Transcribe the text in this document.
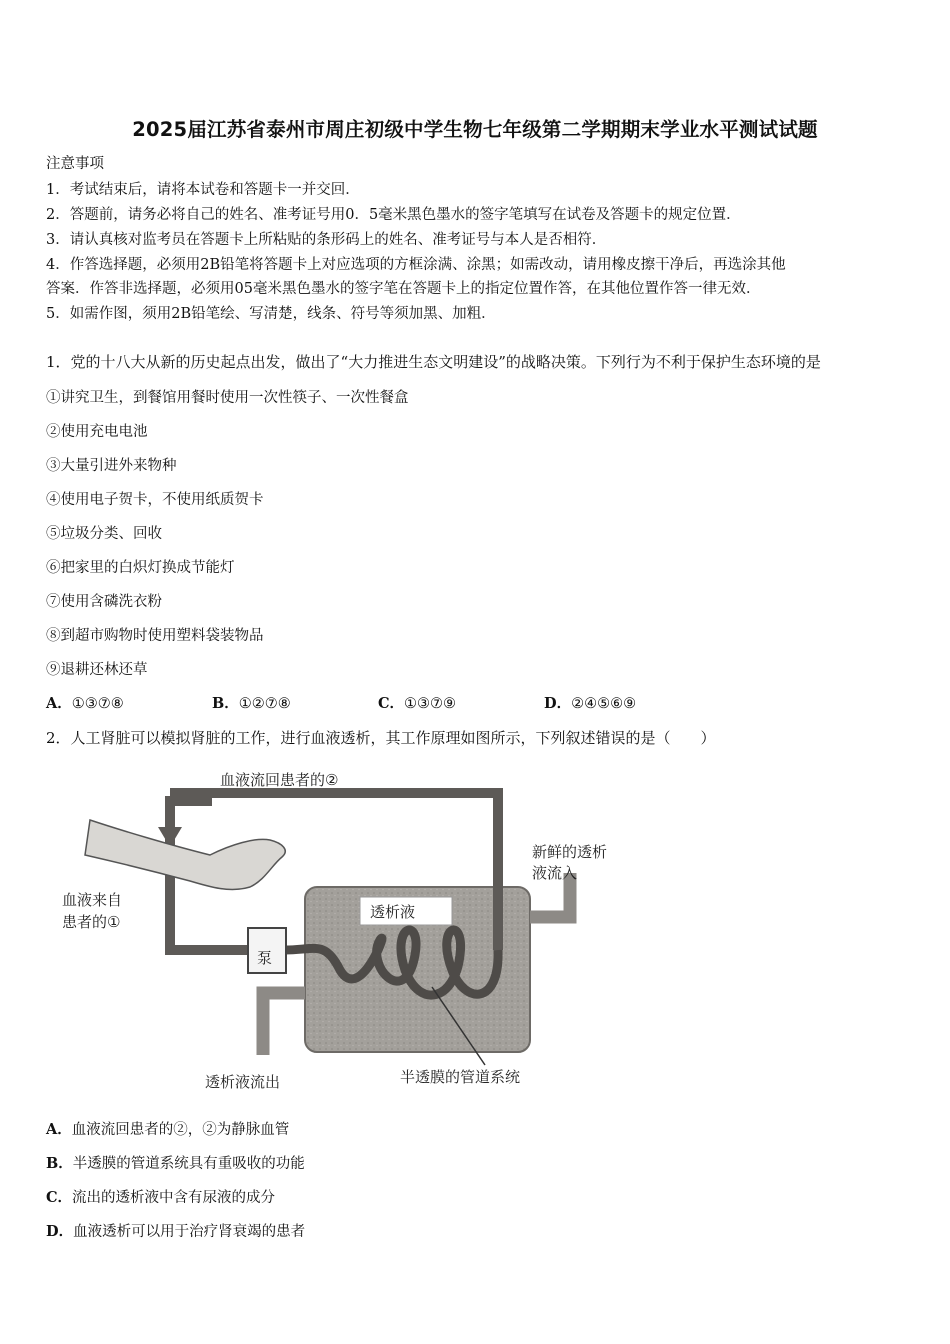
2025届江苏省泰州市周庄初级中学生物七年级第二学期期末学业水平测试试题
注意事项
1．考试结束后，请将本试卷和答题卡一并交回．
2．答题前，请务必将自己的姓名、准考证号用0．5毫米黑色墨水的签字笔填写在试卷及答题卡的规定位置．
3．请认真核对监考员在答题卡上所粘贴的条形码上的姓名、准考证号与本人是否相符．
4．作答选择题，必须用2B铅笔将答题卡上对应选项的方框涂满、涂黑；如需改动，请用橡皮擦干净后，再选涂其他
答案．作答非选择题，必须用05毫米黑色墨水的签字笔在答题卡上的指定位置作答，在其他位置作答一律无效．
5．如需作图，须用2B铅笔绘、写清楚，线条、符号等须加黑、加粗．
1．党的十八大从新的历史起点出发，做出了“大力推进生态文明建设”的战略决策。下列行为不利于保护生态环境的是
①讲究卫生，到餐馆用餐时使用一次性筷子、一次性餐盒
②使用充电电池
③大量引进外来物种
④使用电子贺卡，不使用纸质贺卡
⑤垃圾分类、回收
⑥把家里的白炽灯换成节能灯
⑦使用含磷洗衣粉
⑧到超市购物时使用塑料袋装物品
⑨退耕还林还草
A．①③⑦⑧	B．①②⑦⑧	C．①③⑦⑨	D．②④⑤⑥⑨
2．人工肾脏可以模拟肾脏的工作，进行血液透析，其工作原理如图所示，下列叙述错误的是（　　）
血液流回患者的②
血液来自
患者的①
泵
透析液
新鲜的透析
液流入
透析液流出	半透膜的管道系统
A．血液流回患者的②，②为静脉血管
B．半透膜的管道系统具有重吸收的功能
C．流出的透析液中含有尿液的成分
D．血液透析可以用于治疗肾衰竭的患者
